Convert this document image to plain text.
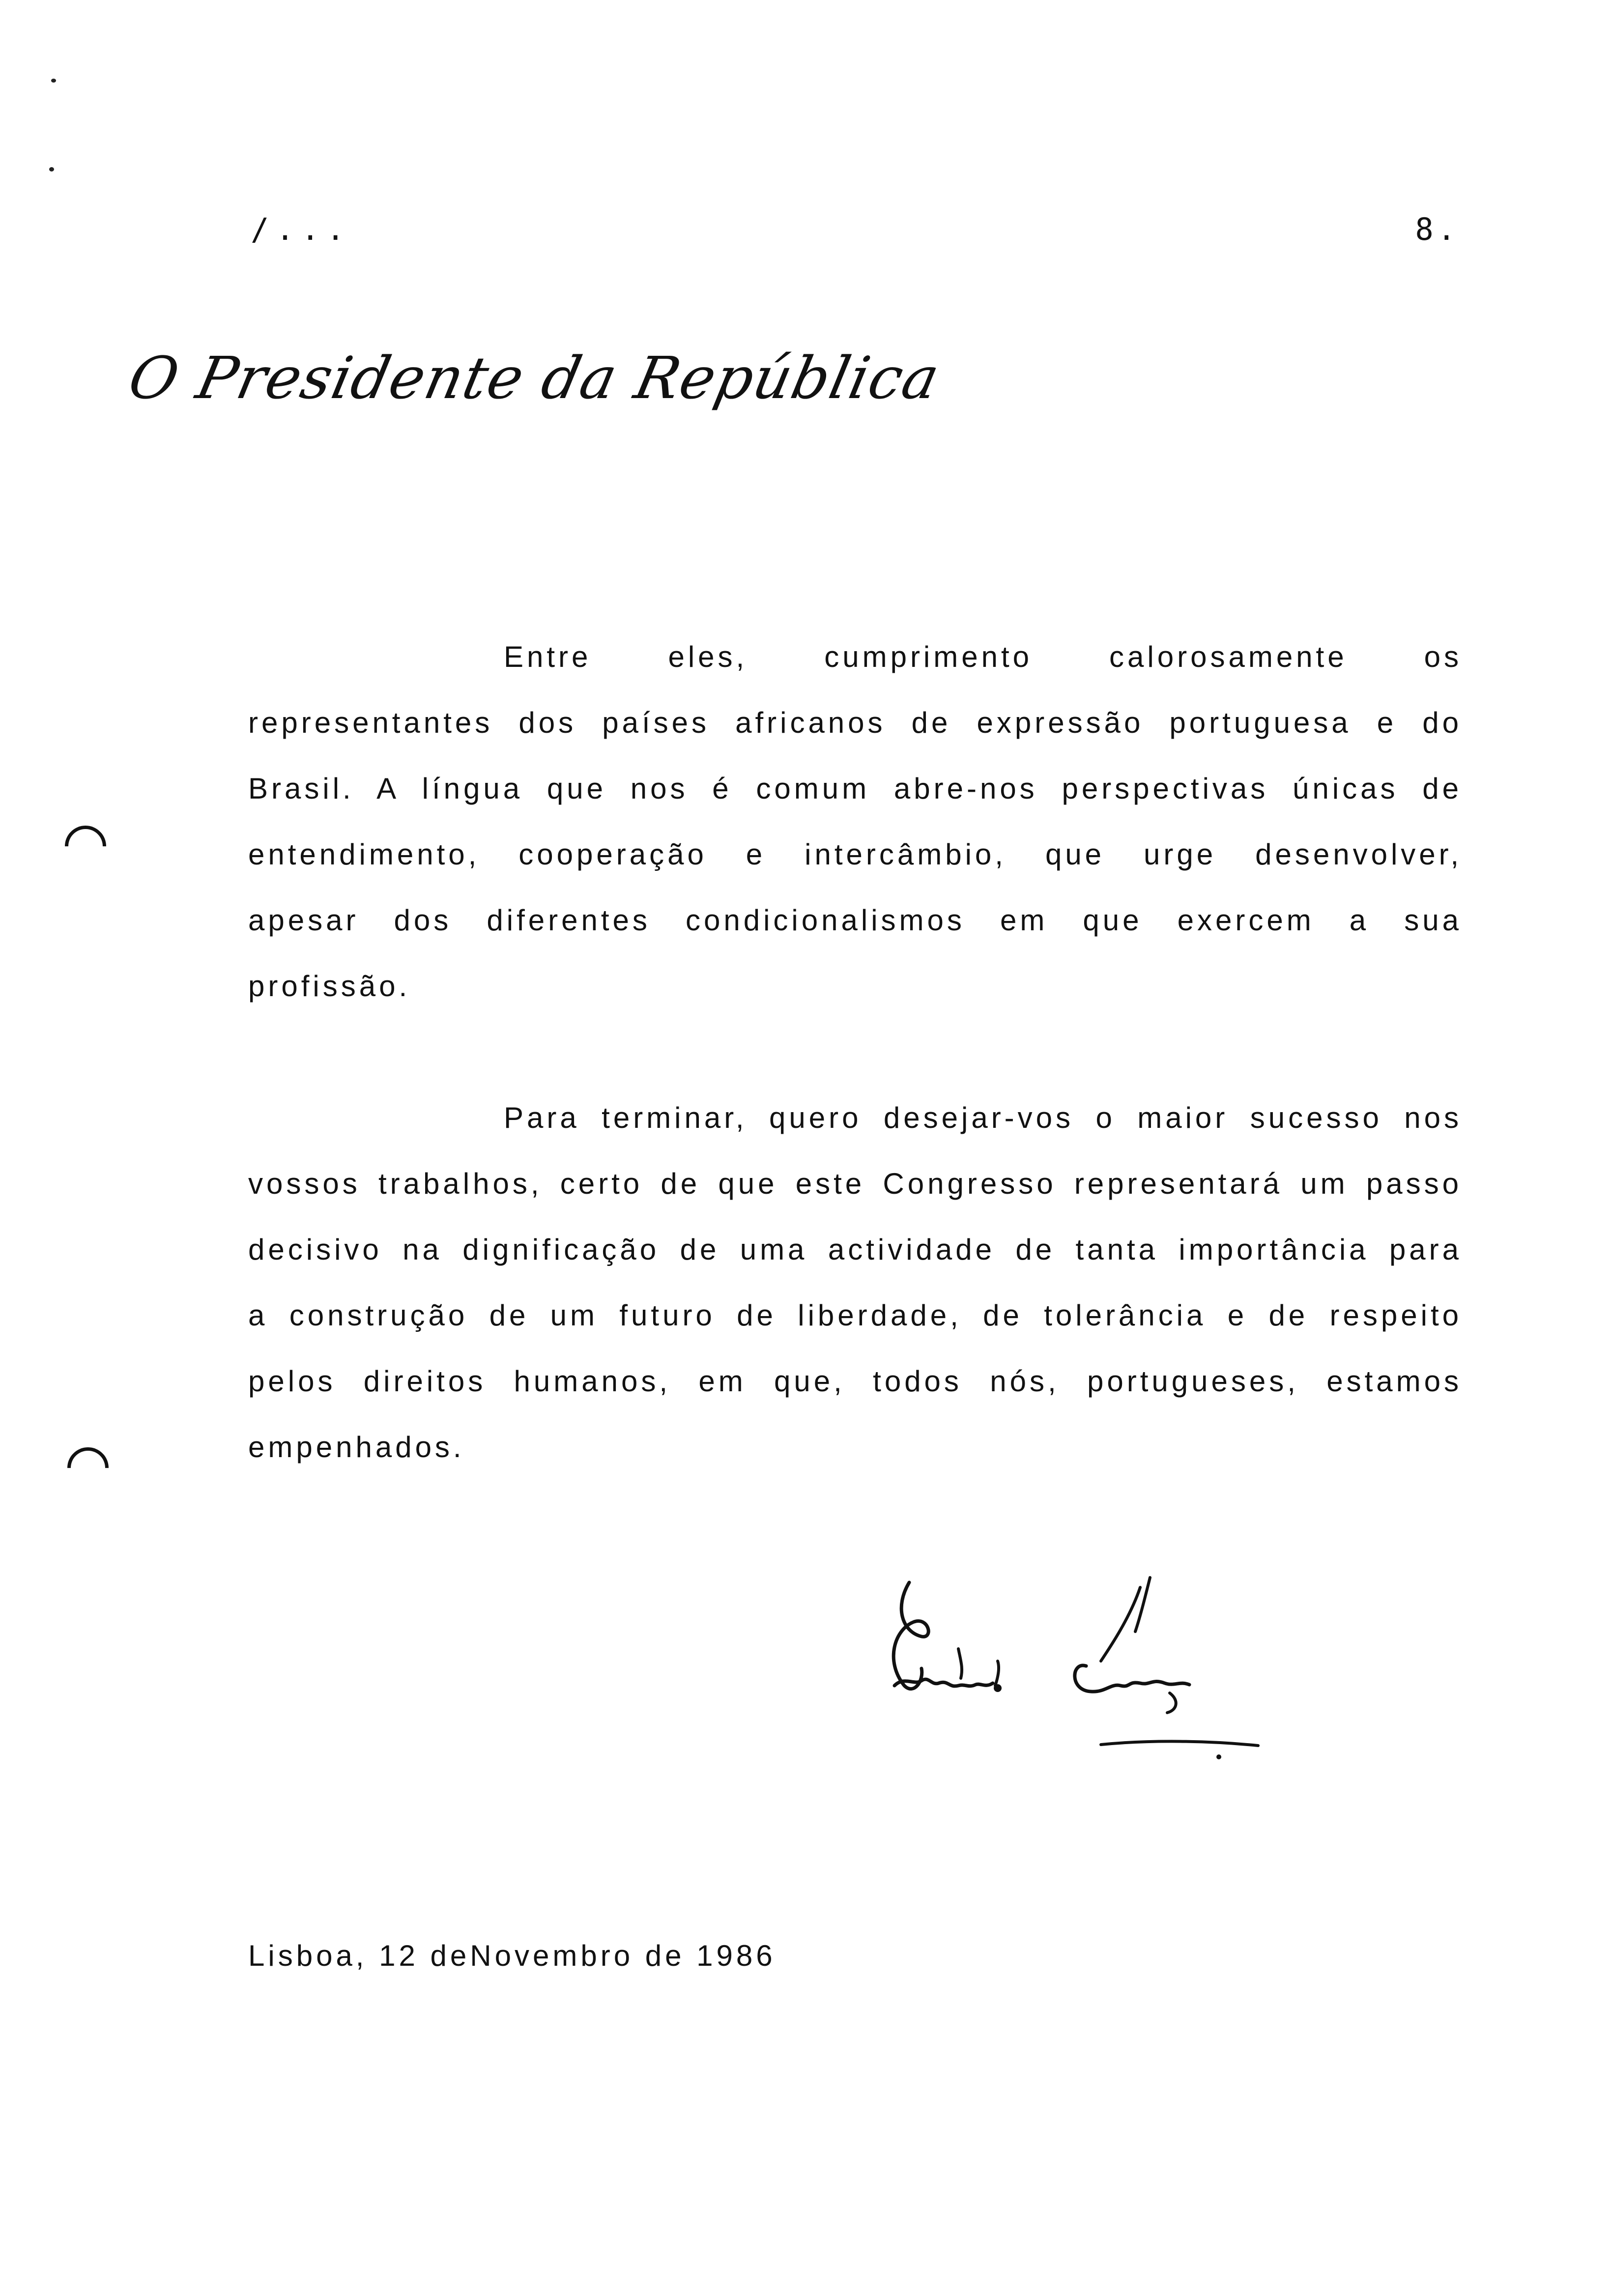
/...	8.
O Presidente da República

Entre eles, cumprimento calorosamente os representantes dos países africanos de expressão portuguesa e do Brasil. A língua que nos é comum abre-nos perspectivas únicas de entendimento, cooperação e intercâmbio, que urge desenvolver, apesar dos diferentes condicionalismos em que exercem a sua profissão.

Para terminar, quero desejar-vos o maior sucesso nos vossos trabalhos, certo de que este Congresso representará um passo decisivo na dignificação de uma actividade de tanta importância para a construção de um futuro de liberdade, de tolerância e de respeito pelos direitos humanos, em que, todos nós, portugueses, estamos empenhados.

Lisboa, 12 deNovembro de 1986
